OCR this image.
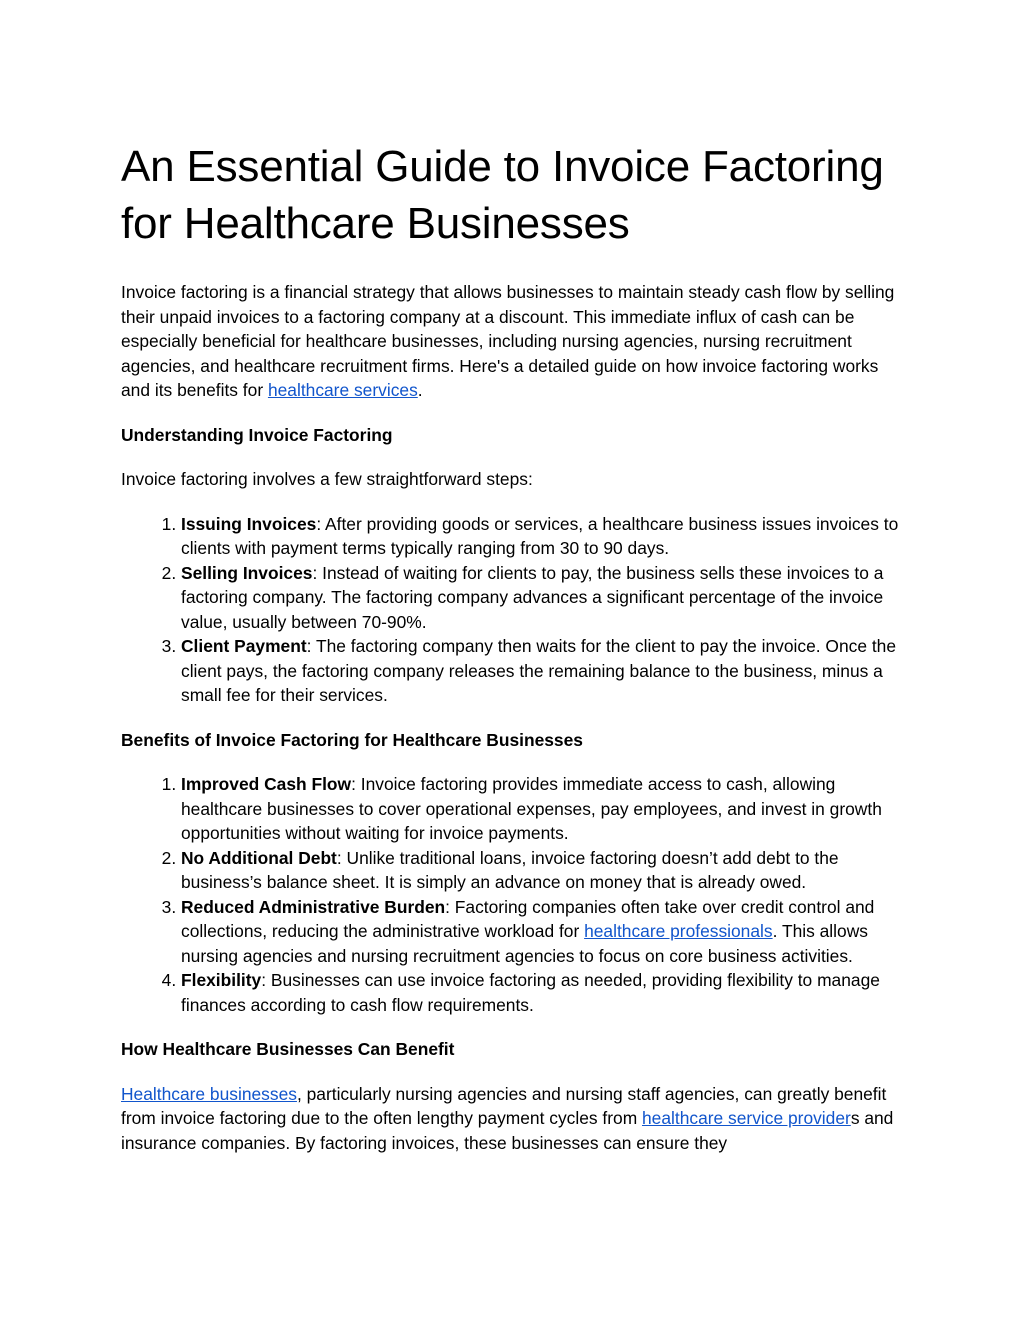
An Essential Guide to Invoice Factoring for Healthcare Businesses

Invoice factoring is a financial strategy that allows businesses to maintain steady cash flow by selling their unpaid invoices to a factoring company at a discount. This immediate influx of cash can be especially beneficial for healthcare businesses, including nursing agencies, nursing recruitment agencies, and healthcare recruitment firms. Here's a detailed guide on how invoice factoring works and its benefits for healthcare services.

Understanding Invoice Factoring

Invoice factoring involves a few straightforward steps:

1. Issuing Invoices: After providing goods or services, a healthcare business issues invoices to clients with payment terms typically ranging from 30 to 90 days.
2. Selling Invoices: Instead of waiting for clients to pay, the business sells these invoices to a factoring company. The factoring company advances a significant percentage of the invoice value, usually between 70-90%.
3. Client Payment: The factoring company then waits for the client to pay the invoice. Once the client pays, the factoring company releases the remaining balance to the business, minus a small fee for their services.
Benefits of Invoice Factoring for Healthcare Businesses
1. Improved Cash Flow: Invoice factoring provides immediate access to cash, allowing healthcare businesses to cover operational expenses, pay employees, and invest in growth opportunities without waiting for invoice payments.
2. No Additional Debt: Unlike traditional loans, invoice factoring doesn’t add debt to the business’s balance sheet. It is simply an advance on money that is already owed.
3. Reduced Administrative Burden: Factoring companies often take over credit control and collections, reducing the administrative workload for healthcare professionals. This allows nursing agencies and nursing recruitment agencies to focus on core business activities.
4. Flexibility: Businesses can use invoice factoring as needed, providing flexibility to manage finances according to cash flow requirements.
How Healthcare Businesses Can Benefit

Healthcare businesses, particularly nursing agencies and nursing staff agencies, can greatly benefit from invoice factoring due to the often lengthy payment cycles from healthcare service providers and insurance companies. By factoring invoices, these businesses can ensure they
